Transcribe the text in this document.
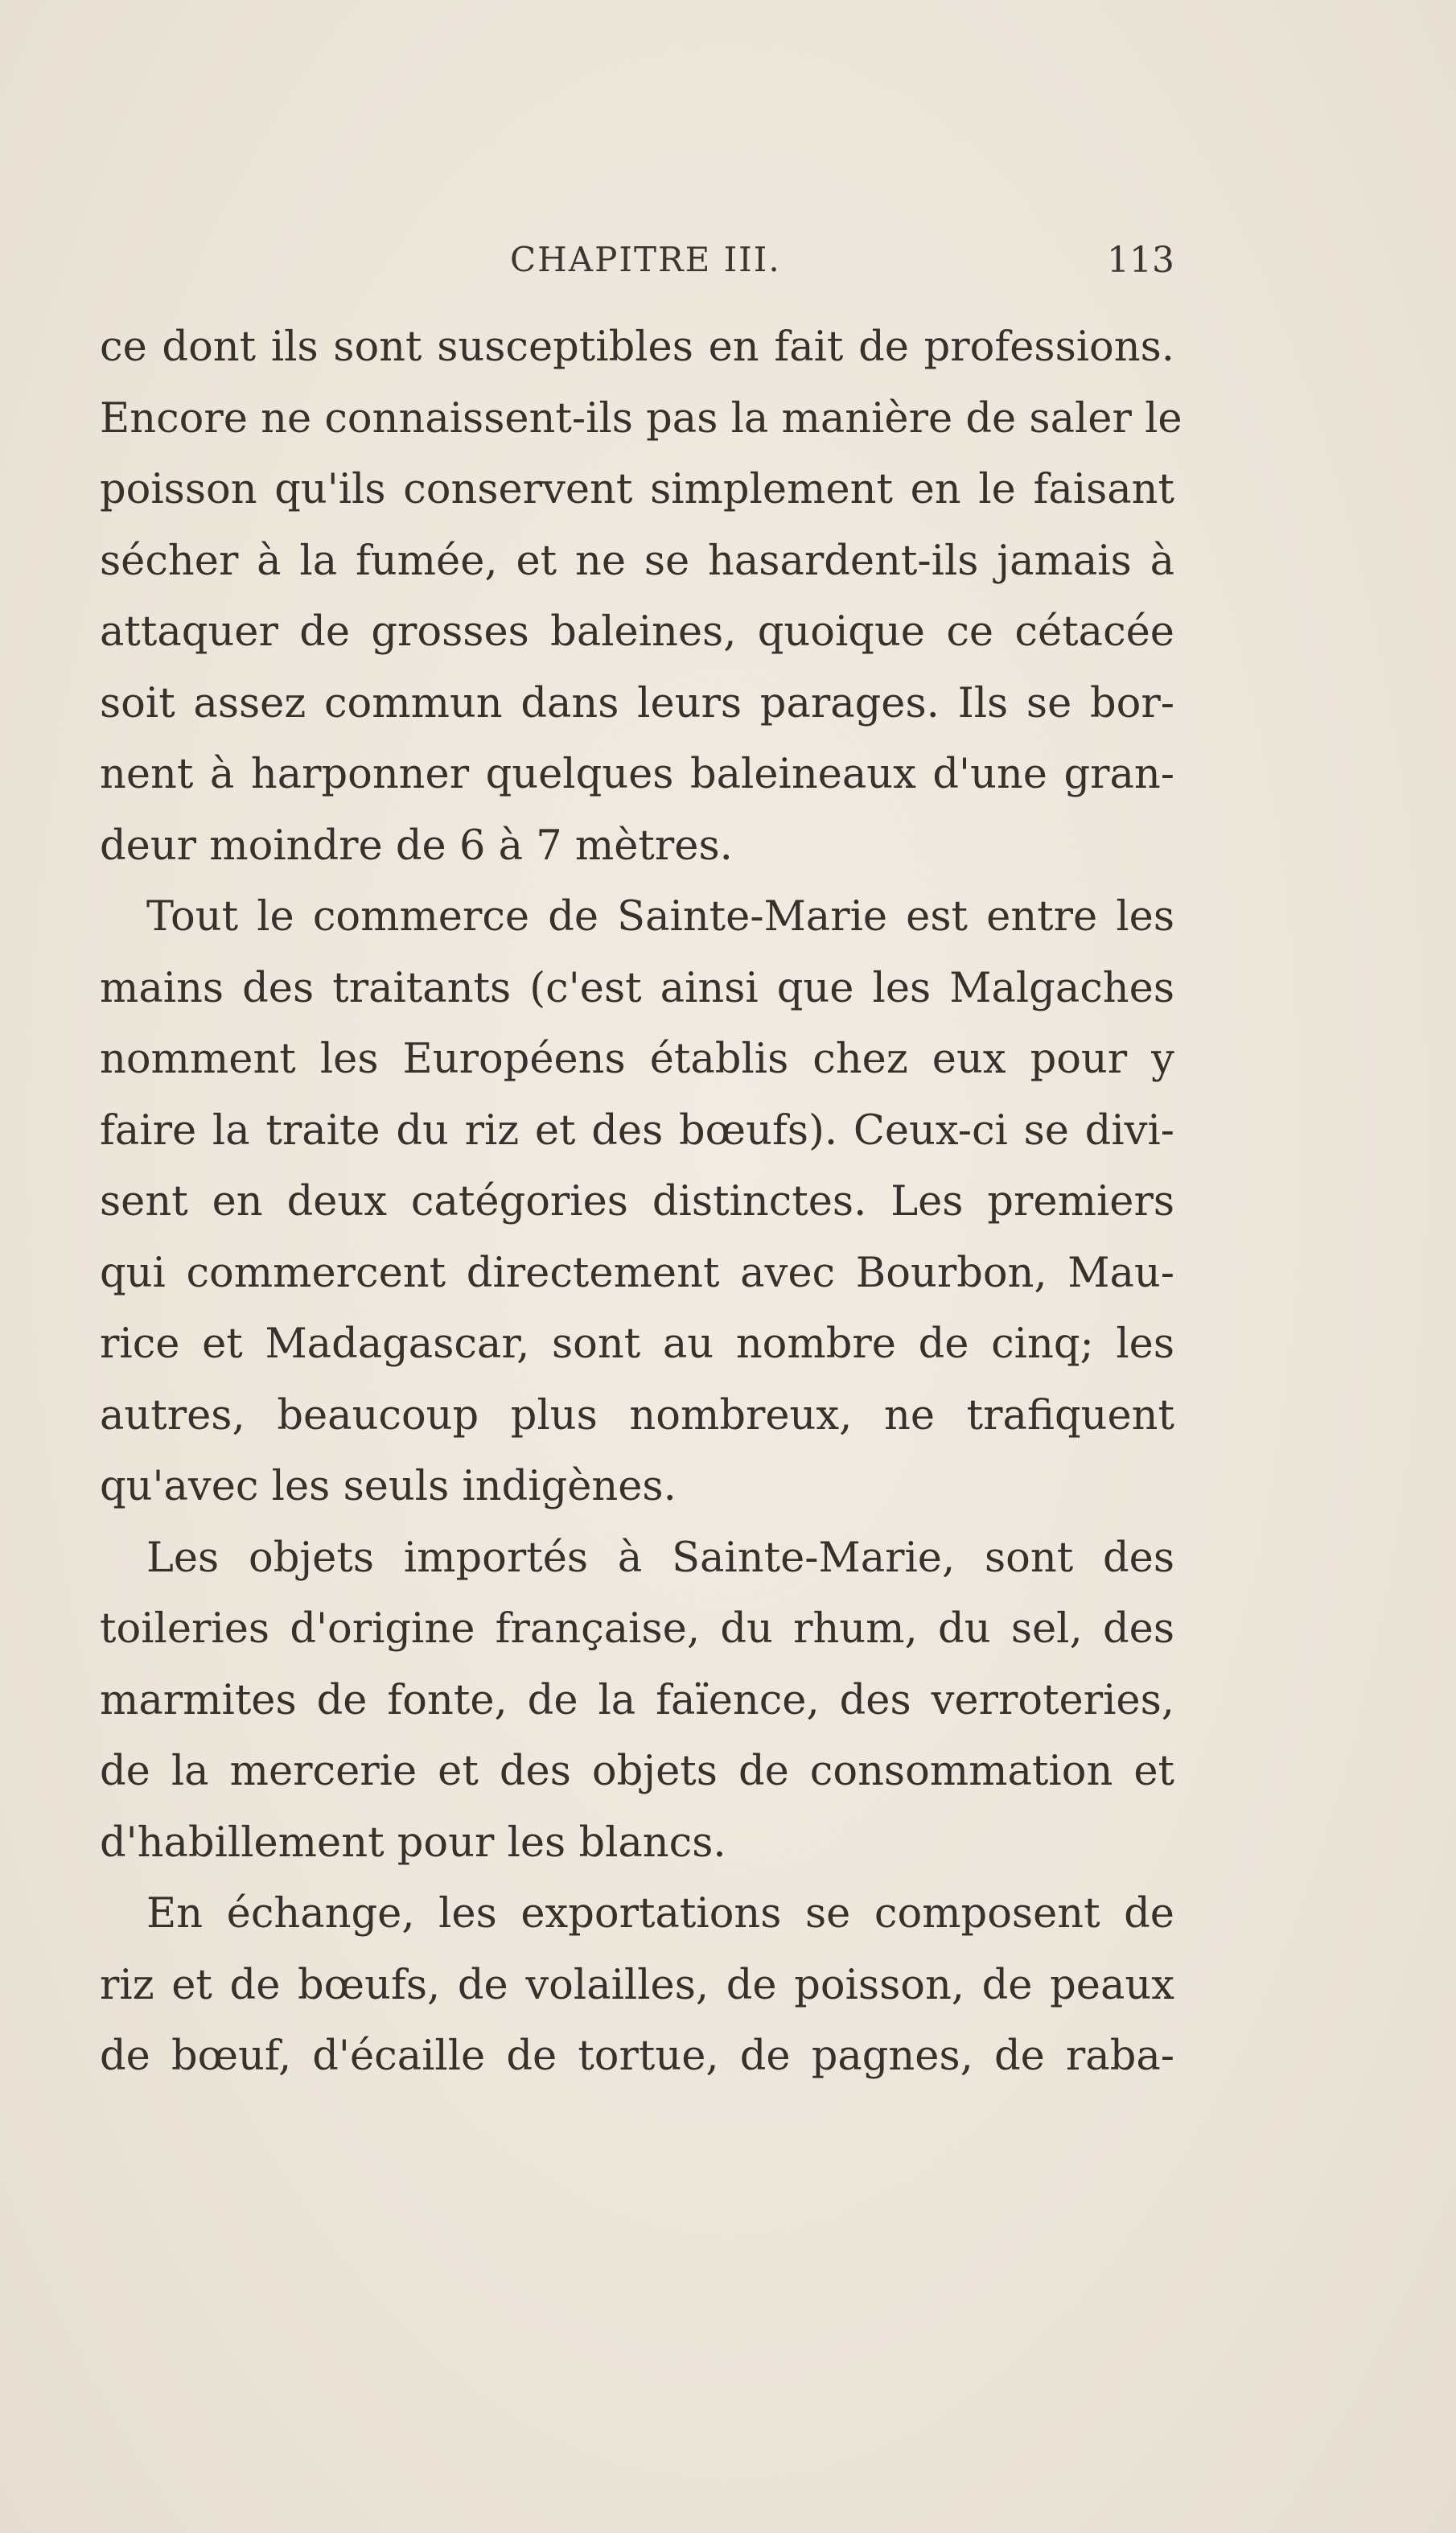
CHAPITRE III.	113

ce dont ils sont susceptibles en fait de professions.

Encore ne connaissent-ils pas la manière de saler le

poisson qu'ils conservent simplement en le faisant

sécher à la fumée, et ne se hasardent-ils jamais à

attaquer de grosses baleines, quoique ce cétacée

soit assez commun dans leurs parages. Ils se bor-

nent à harponner quelques baleineaux d'une gran-

deur moindre de 6 à 7 mètres.

Tout le commerce de Sainte-Marie est entre les

mains des traitants (c'est ainsi que les Malgaches

nomment les Européens établis chez eux pour y

faire la traite du riz et des bœufs). Ceux-ci se divi-

sent en deux catégories distinctes. Les premiers

qui commercent directement avec Bourbon, Mau-

rice et Madagascar, sont au nombre de cinq; les

autres, beaucoup plus nombreux, ne trafiquent

qu'avec les seuls indigènes.

Les objets importés à Sainte-Marie, sont des

toileries d'origine française, du rhum, du sel, des

marmites de fonte, de la faïence, des verroteries,

de la mercerie et des objets de consommation et

d'habillement pour les blancs.

En échange, les exportations se composent de

riz et de bœufs, de volailles, de poisson, de peaux

de bœuf, d'écaille de tortue, de pagnes, de raba-
